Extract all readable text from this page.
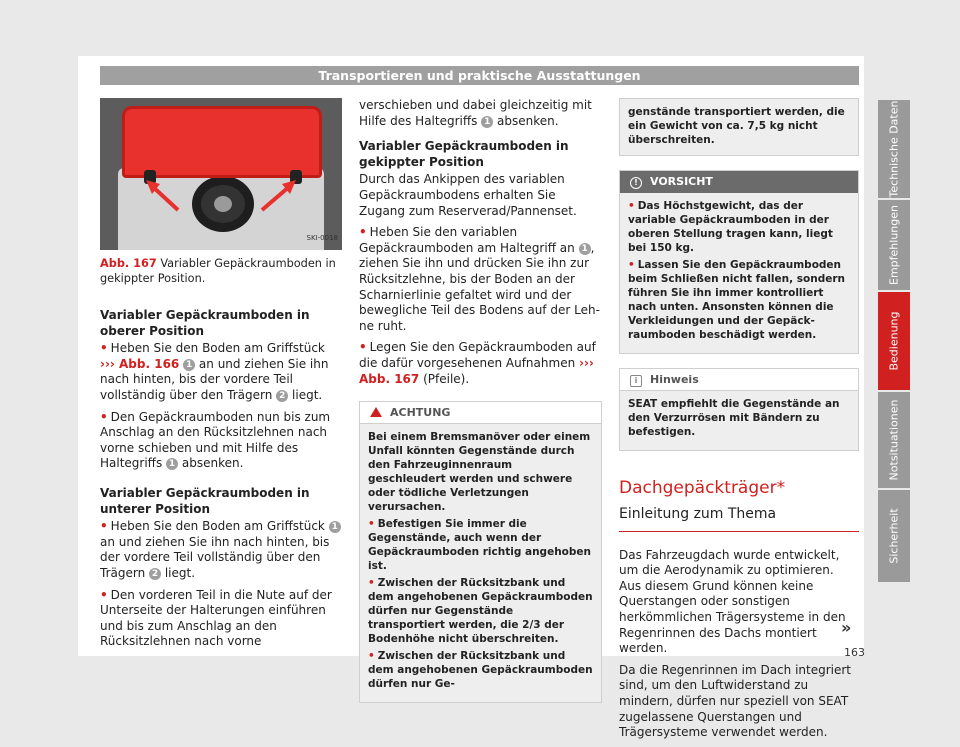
Transportieren und praktische Ausstattungen
SKI-0018
Abb. 167 Variabler Gepäckraumboden in gekippter Position.
Variabler Gepäckraumboden in oberer Position

• Heben Sie den Boden am Griffstück
››› Abb. 166 1 an und ziehen Sie ihn nach hinten, bis der vordere Teil vollständig über den Trägern 2 liegt.

• Den Gepäckraumboden nun bis zum Anschlag an den Rücksitzlehnen nach vorne schieben und mit Hilfe des Haltegriffs 1 absenken.

Variabler Gepäckraumboden in unterer Position

• Heben Sie den Boden am Griffstück 1 an und ziehen Sie ihn nach hinten, bis der vordere Teil vollständig über den Trägern 2 liegt.

• Den vorderen Teil in die Nute auf der Unterseite der Halterungen einführen und bis zum Anschlag an den Rücksitzlehnen nach vorne

verschieben und dabei gleichzeitig mit Hilfe des Haltegriffs 1 absenken.

Variabler Gepäckraumboden in gekippter Position

Durch das Ankippen des variablen Gepäckraumbodens erhalten Sie Zugang zum Reserverad/Pannenset.

• Heben Sie den variablen Gepäckraumboden am Haltegriff an 1 , ziehen Sie ihn und drücken Sie ihn zur Rücksitzlehne, bis der Boden an der Scharnierlinie gefaltet wird und der bewegliche Teil des Bodens auf der Lehne ruht.

• Legen Sie den Gepäckraumboden auf die dafür vorgesehenen Aufnahmen ››› Abb. 167 (Pfeile).

ACHTUNG

Bei einem Bremsmanöver oder einem Unfall könnten Gegenstände durch den Fahrzeuginnenraum geschleudert werden und schwere oder tödliche Verletzungen verursachen.

• Befestigen Sie immer die Gegenstände, auch wenn der Gepäckraumboden richtig angehoben ist.

• Zwischen der Rücksitzbank und dem angehobenen Gepäckraumboden dürfen nur Gegenstände transportiert werden, die 2/3 der Bodenhöhe nicht überschreiten.

• Zwischen der Rücksitzbank und dem angehobenen Gepäckraumboden dürfen nur Ge-

genstände transportiert werden, die ein Gewicht von ca. 7,5 kg nicht überschreiten.
! VORSICHT

• Das Höchstgewicht, das der variable Gepäckraumboden in der oberen Stellung tragen kann, liegt bei 150 kg.

• Lassen Sie den Gepäckraumboden beim Schließen nicht fallen, sondern führen Sie ihn immer kontrolliert nach unten. Ansonsten können die Verkleidungen und der Gepäckraumboden beschädigt werden.

i Hinweis

SEAT empfiehlt die Gegenstände an den Verzurrösen mit Bändern zu befestigen.

Dachgepäckträger*
Einleitung zum Thema

Das Fahrzeugdach wurde entwickelt, um die Aerodynamik zu optimieren. Aus diesem Grund können keine Querstangen oder sonstigen herkömmlichen Trägersysteme in den Regenrinnen des Dachs montiert werden.

Da die Regenrinnen im Dach integriert sind, um den Luftwiderstand zu mindern, dürfen nur speziell von SEAT zugelassene Querstangen und Trägersysteme verwendet werden.

»
163
Technische Daten
Empfehlungen
Bedienung
Notsituationen
Sicherheit
